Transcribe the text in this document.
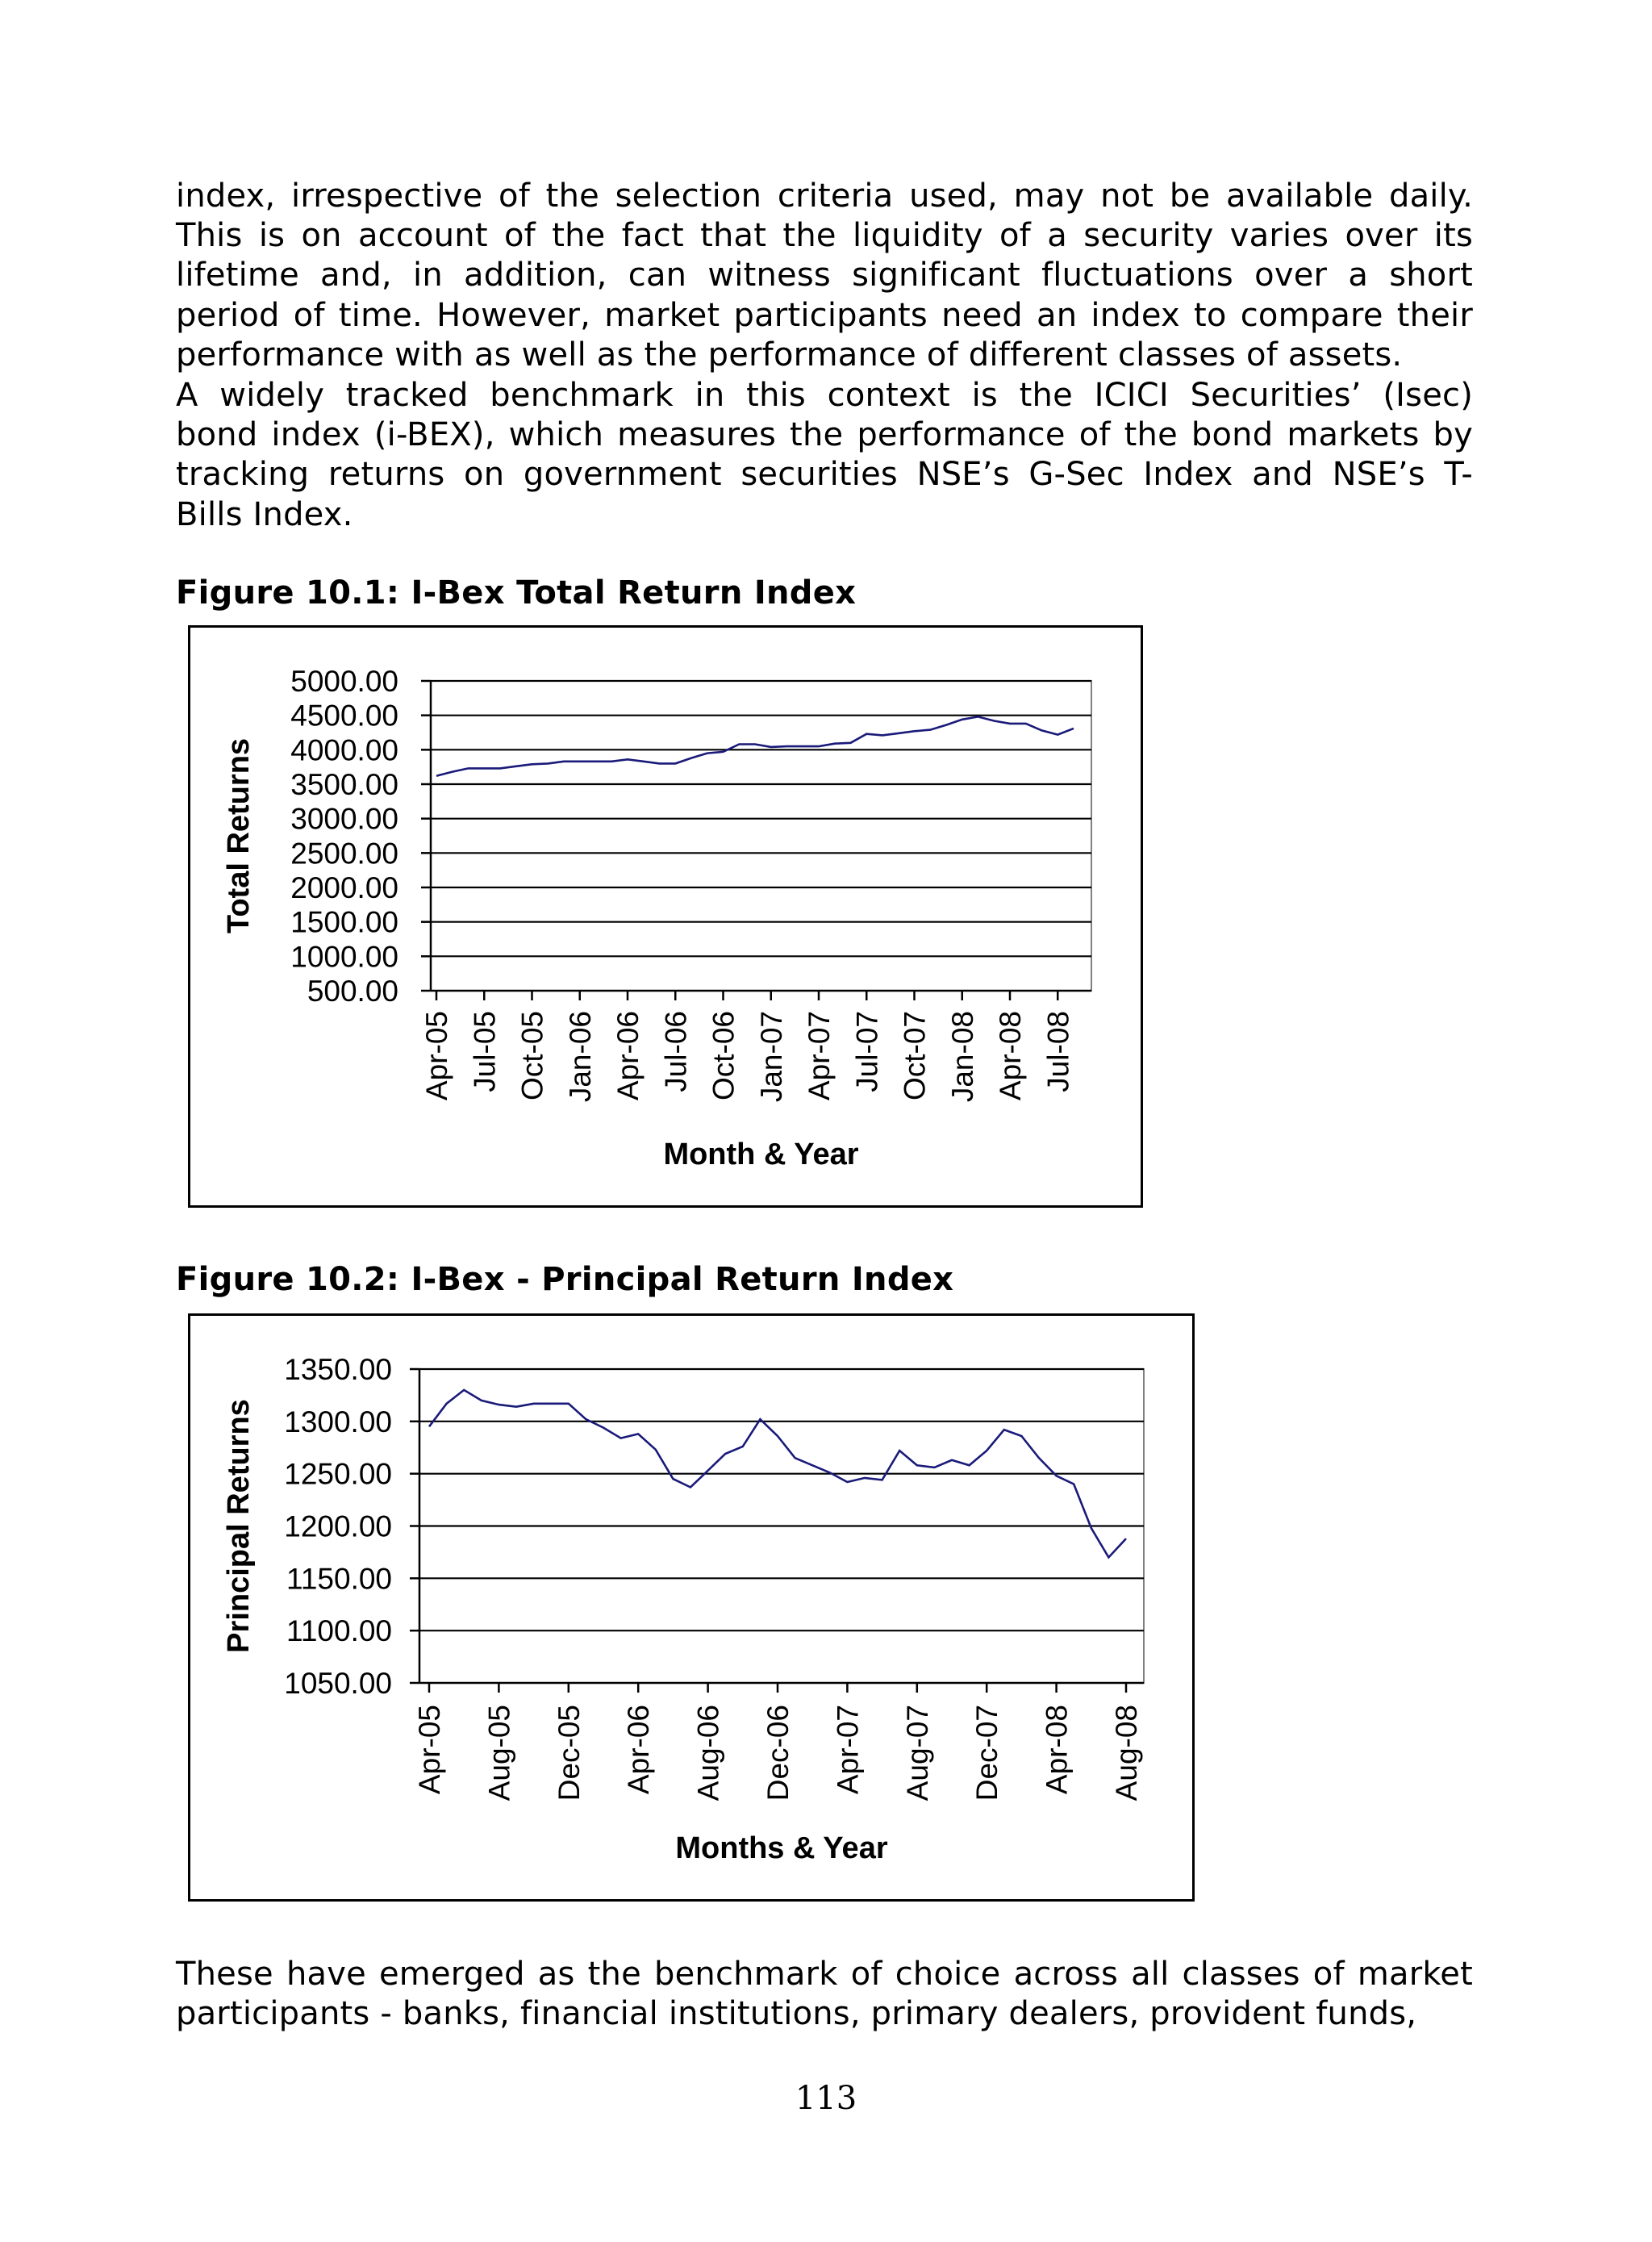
index, irrespective of the selection criteria used, may not be available daily.
This is on account of the fact that the liquidity of a security varies over its
lifetime and, in addition, can witness significant fluctuations over a short
period of time. However, market participants need an index to compare their
performance with as well as the performance of different classes of assets.

A widely tracked benchmark in this context is the ICICI Securities’ (Isec)
bond index (i-BEX), which measures the performance of the bond markets by
tracking returns on government securities NSE’s G-Sec Index and NSE’s T-
Bills Index.

Figure 10.1: I-Bex Total Return Index

5000.00
4500.00
4000.00
3500.00
3000.00
2500.00
2000.00
1500.00
1000.00
500.00
Apr-05 Jul-05 Oct-05 Jan-06 Apr-06 Jul-06 Oct-06 Jan-07 Apr-07 Jul-07 Oct-07 Jan-08 Apr-08 Jul-08
Month & Year
Total Returns

Figure 10.2: I-Bex - Principal Return Index

1350.00
1300.00
1250.00
1200.00
1150.00
1100.00
1050.00
Apr-05 Aug-05 Dec-05 Apr-06 Aug-06 Dec-06 Apr-07 Aug-07 Dec-07 Apr-08 Aug-08
Months & Year
Principal Returns

These have emerged as the benchmark of choice across all classes of market
participants - banks, financial institutions, primary dealers, provident funds,

113
